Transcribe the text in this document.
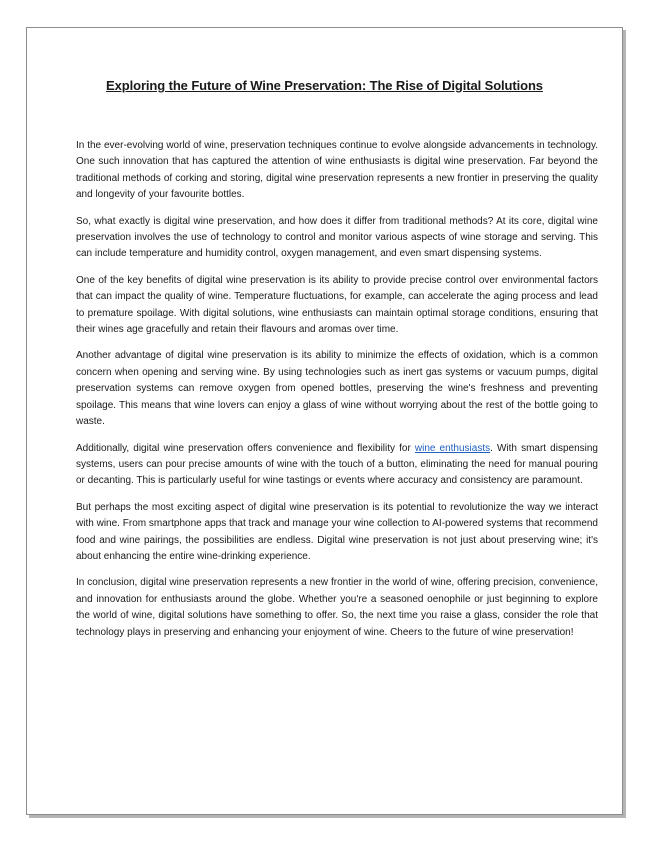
Exploring the Future of Wine Preservation: The Rise of Digital Solutions

In the ever-evolving world of wine, preservation techniques continue to evolve alongside advancements in technology. One such innovation that has captured the attention of wine enthusiasts is digital wine preservation. Far beyond the traditional methods of corking and storing, digital wine preservation represents a new frontier in preserving the quality and longevity of your favourite bottles.

So, what exactly is digital wine preservation, and how does it differ from traditional methods? At its core, digital wine preservation involves the use of technology to control and monitor various aspects of wine storage and serving. This can include temperature and humidity control, oxygen management, and even smart dispensing systems.

One of the key benefits of digital wine preservation is its ability to provide precise control over environmental factors that can impact the quality of wine. Temperature fluctuations, for example, can accelerate the aging process and lead to premature spoilage. With digital solutions, wine enthusiasts can maintain optimal storage conditions, ensuring that their wines age gracefully and retain their flavours and aromas over time.

Another advantage of digital wine preservation is its ability to minimize the effects of oxidation, which is a common concern when opening and serving wine. By using technologies such as inert gas systems or vacuum pumps, digital preservation systems can remove oxygen from opened bottles, preserving the wine's freshness and preventing spoilage. This means that wine lovers can enjoy a glass of wine without worrying about the rest of the bottle going to waste.

Additionally, digital wine preservation offers convenience and flexibility for wine enthusiasts. With smart dispensing systems, users can pour precise amounts of wine with the touch of a button, eliminating the need for manual pouring or decanting. This is particularly useful for wine tastings or events where accuracy and consistency are paramount.

But perhaps the most exciting aspect of digital wine preservation is its potential to revolutionize the way we interact with wine. From smartphone apps that track and manage your wine collection to AI-powered systems that recommend food and wine pairings, the possibilities are endless. Digital wine preservation is not just about preserving wine; it's about enhancing the entire wine-drinking experience.

In conclusion, digital wine preservation represents a new frontier in the world of wine, offering precision, convenience, and innovation for enthusiasts around the globe. Whether you're a seasoned oenophile or just beginning to explore the world of wine, digital solutions have something to offer. So, the next time you raise a glass, consider the role that technology plays in preserving and enhancing your enjoyment of wine. Cheers to the future of wine preservation!
